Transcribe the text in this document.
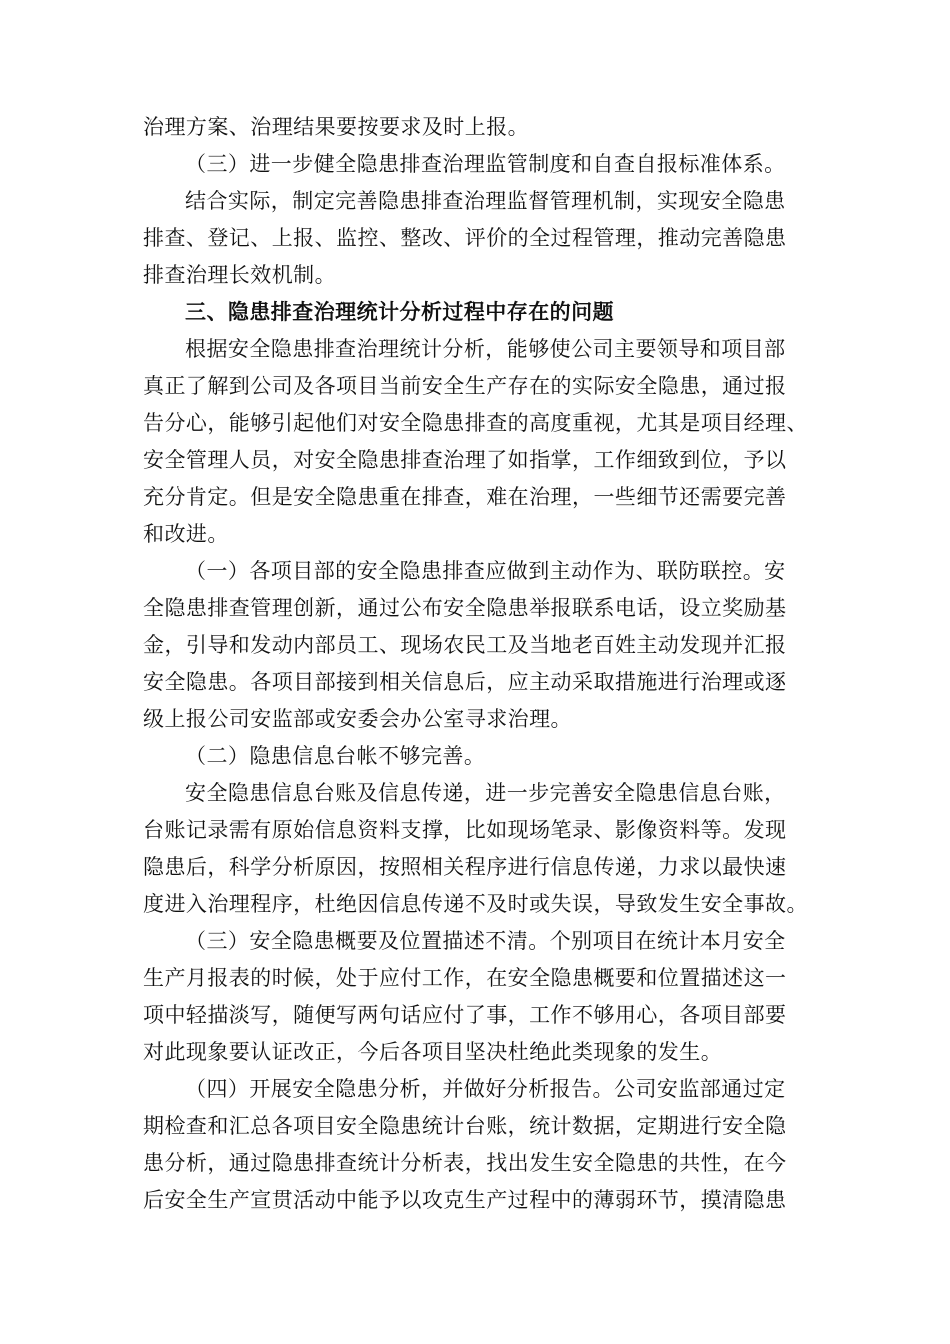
治理方案、治理结果要按要求及时上报。
（三）进一步健全隐患排查治理监管制度和自查自报标准体系。
结合实际，制定完善隐患排查治理监督管理机制，实现安全隐患
排查、登记、上报、监控、整改、评价的全过程管理，推动完善隐患
排查治理长效机制。
三、隐患排查治理统计分析过程中存在的问题
根据安全隐患排查治理统计分析，能够使公司主要领导和项目部
真正了解到公司及各项目当前安全生产存在的实际安全隐患，通过报
告分心，能够引起他们对安全隐患排查的高度重视，尤其是项目经理、
安全管理人员，对安全隐患排查治理了如指掌，工作细致到位，予以
充分肯定。但是安全隐患重在排查，难在治理，一些细节还需要完善
和改进。
（一）各项目部的安全隐患排查应做到主动作为、联防联控。安
全隐患排查管理创新，通过公布安全隐患举报联系电话，设立奖励基
金，引导和发动内部员工、现场农民工及当地老百姓主动发现并汇报
安全隐患。各项目部接到相关信息后，应主动采取措施进行治理或逐
级上报公司安监部或安委会办公室寻求治理。
（二）隐患信息台帐不够完善。
安全隐患信息台账及信息传递，进一步完善安全隐患信息台账，
台账记录需有原始信息资料支撑，比如现场笔录、影像资料等。发现
隐患后，科学分析原因，按照相关程序进行信息传递，力求以最快速
度进入治理程序，杜绝因信息传递不及时或失误，导致发生安全事故。
（三）安全隐患概要及位置描述不清。个别项目在统计本月安全
生产月报表的时候，处于应付工作，在安全隐患概要和位置描述这一
项中轻描淡写，随便写两句话应付了事，工作不够用心，各项目部要
对此现象要认证改正，今后各项目坚决杜绝此类现象的发生。
（四）开展安全隐患分析，并做好分析报告。公司安监部通过定
期检查和汇总各项目安全隐患统计台账，统计数据，定期进行安全隐
患分析，通过隐患排查统计分析表，找出发生安全隐患的共性，在今
后安全生产宣贯活动中能予以攻克生产过程中的薄弱环节，摸清隐患
